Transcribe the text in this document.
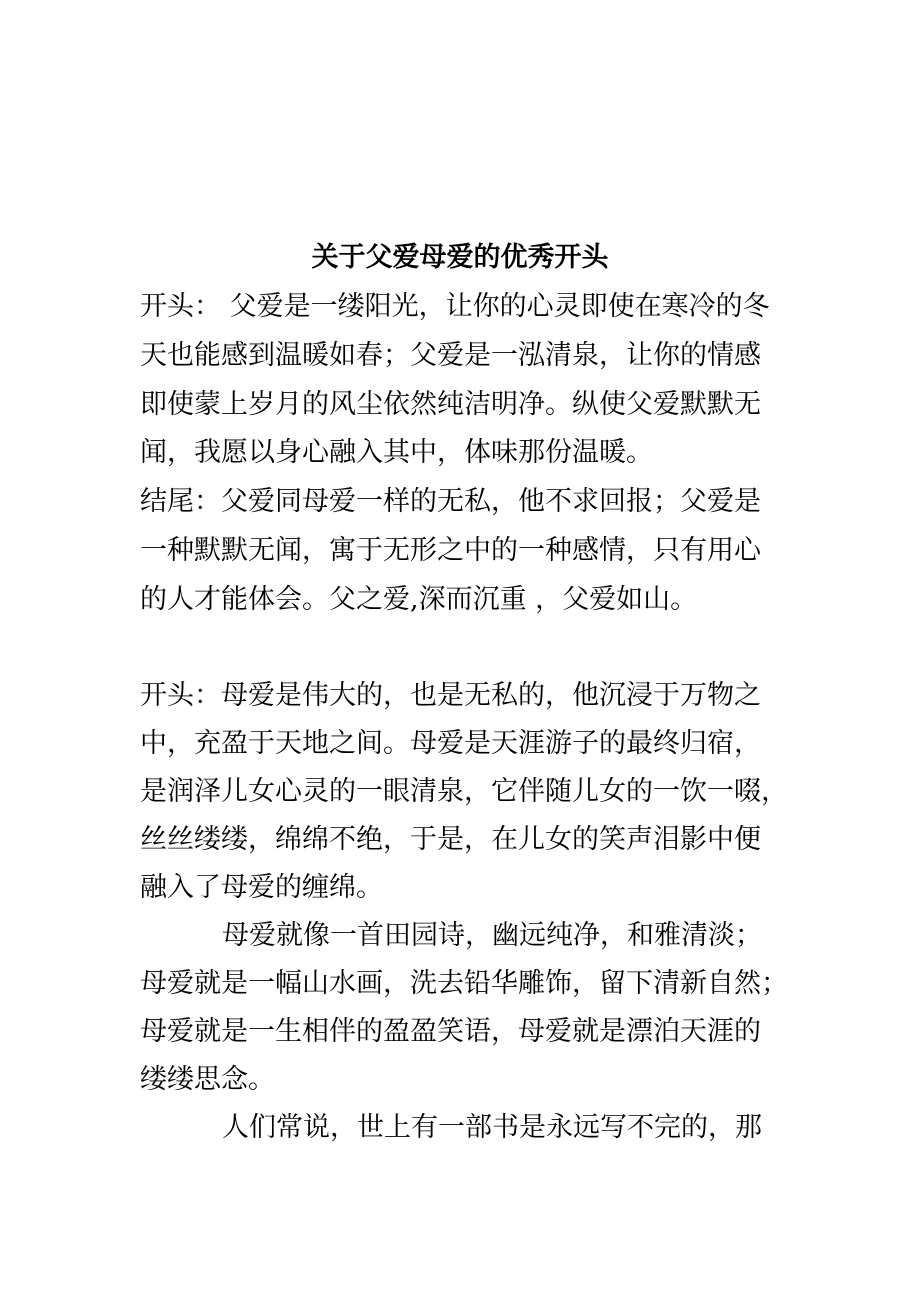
关于父爱母爱的优秀开头
开头： 父爱是一缕阳光，让你的心灵即使在寒冷的冬
天也能感到温暖如春；父爱是一泓清泉，让你的情感
即使蒙上岁月的风尘依然纯洁明净。纵使父爱默默无
闻，我愿以身心融入其中，体味那份温暖。
结尾：父爱同母爱一样的无私，他不求回报；父爱是
一种默默无闻，寓于无形之中的一种感情，只有用心
的人才能体会。父之爱,深而沉重 ，父爱如山。
开头：母爱是伟大的，也是无私的，他沉浸于万物之
中，充盈于天地之间。母爱是天涯游子的最终归宿，
是润泽儿女心灵的一眼清泉，它伴随儿女的一饮一啜，
丝丝缕缕，绵绵不绝，于是，在儿女的笑声泪影中便
融入了母爱的缠绵。
母爱就像一首田园诗，幽远纯净，和雅清淡；
母爱就是一幅山水画，洗去铅华雕饰，留下清新自然；
母爱就是一生相伴的盈盈笑语，母爱就是漂泊天涯的
缕缕思念。
人们常说，世上有一部书是永远写不完的，那
